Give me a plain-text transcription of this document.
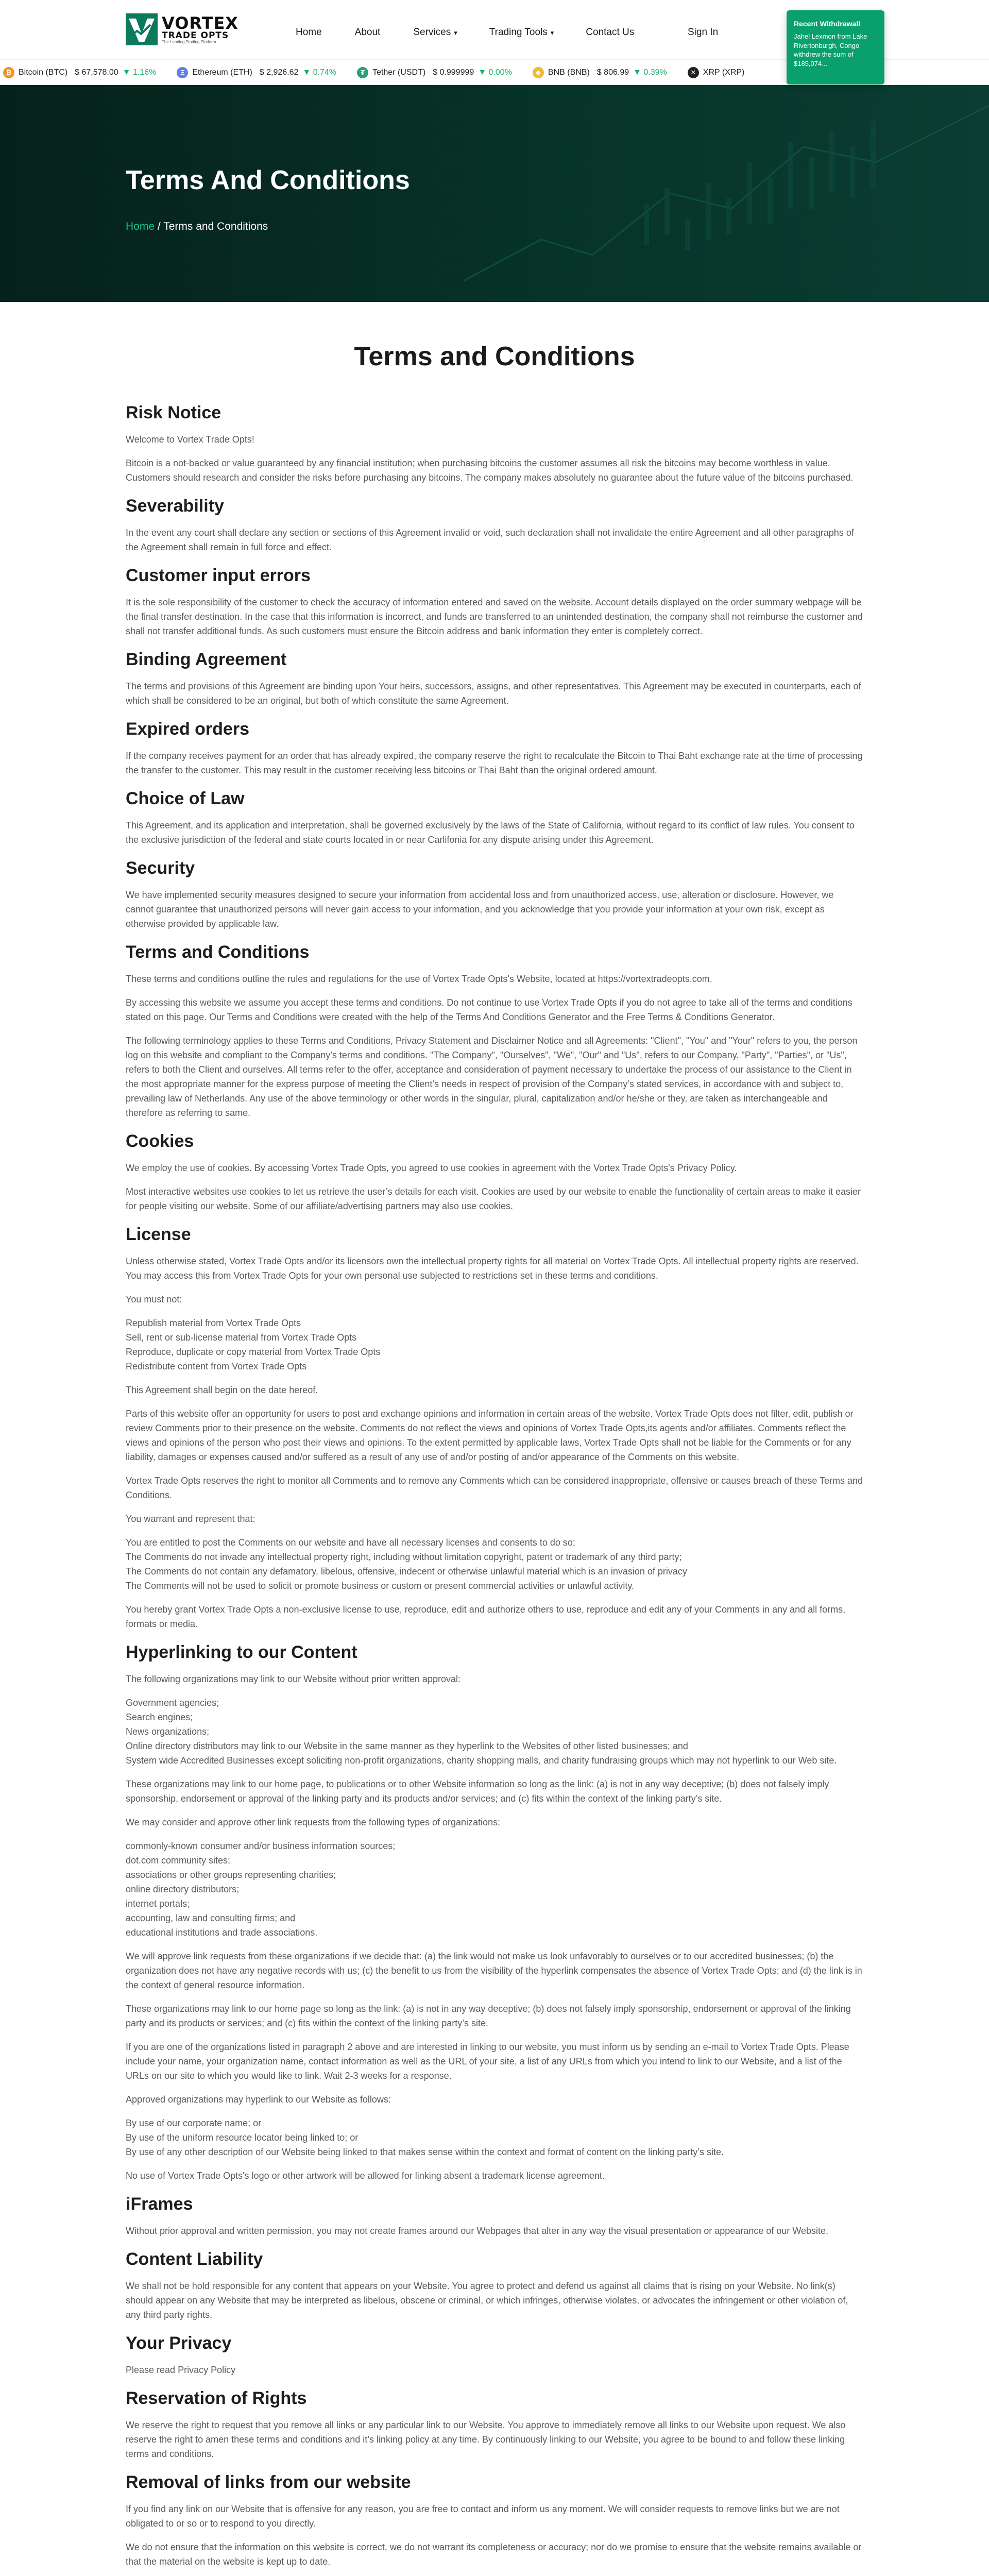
VORTEX
TRADE OPTS
The Leading Trading Platform
Home	About	Services ▾	Trading Tools ▾	Contact Us	Sign In
Recent Withdrawal!
Jahel Lexmon from Lake Rivertonburgh, Congo withdrew the sum of $185,074...
₿ Bitcoin (BTC) $ 67,578.00 ▼ 1.16%	Ξ Ethereum (ETH) $ 2,926.62 ▼ 0.74%	₮ Tether (USDT) $ 0.999999 ▼ 0.00%	◆ BNB (BNB) $ 806.99 ▼ 0.39%	✕ XRP (XRP)
Terms And Conditions
Home / Terms and Conditions
Terms and Conditions
Risk Notice

Welcome to Vortex Trade Opts!

Bitcoin is a not-backed or value guaranteed by any financial institution; when purchasing bitcoins the customer assumes all risk the bitcoins may become worthless in value. Customers should research and consider the risks before purchasing any bitcoins. The company makes absolutely no guarantee about the future value of the bitcoins purchased.

Severability

In the event any court shall declare any section or sections of this Agreement invalid or void, such declaration shall not invalidate the entire Agreement and all other paragraphs of the Agreement shall remain in full force and effect.

Customer input errors

It is the sole responsibility of the customer to check the accuracy of information entered and saved on the website. Account details displayed on the order summary webpage will be the final transfer destination. In the case that this information is incorrect, and funds are transferred to an unintended destination, the company shall not reimburse the customer and shall not transfer additional funds. As such customers must ensure the Bitcoin address and bank information they enter is completely correct.

Binding Agreement

The terms and provisions of this Agreement are binding upon Your heirs, successors, assigns, and other representatives. This Agreement may be executed in counterparts, each of which shall be considered to be an original, but both of which constitute the same Agreement.

Expired orders

If the company receives payment for an order that has already expired, the company reserve the right to recalculate the Bitcoin to Thai Baht exchange rate at the time of processing the transfer to the customer. This may result in the customer receiving less bitcoins or Thai Baht than the original ordered amount.

Choice of Law

This Agreement, and its application and interpretation, shall be governed exclusively by the laws of the State of California, without regard to its conflict of law rules. You consent to the exclusive jurisdiction of the federal and state courts located in or near Carlifonia for any dispute arising under this Agreement.

Security

We have implemented security measures designed to secure your information from accidental loss and from unauthorized access, use, alteration or disclosure. However, we cannot guarantee that unauthorized persons will never gain access to your information, and you acknowledge that you provide your information at your own risk, except as otherwise provided by applicable law.

Terms and Conditions

These terms and conditions outline the rules and regulations for the use of Vortex Trade Opts's Website, located at https://vortextradeopts.com.

By accessing this website we assume you accept these terms and conditions. Do not continue to use Vortex Trade Opts if you do not agree to take all of the terms and conditions stated on this page. Our Terms and Conditions were created with the help of the Terms And Conditions Generator and the Free Terms & Conditions Generator.

The following terminology applies to these Terms and Conditions, Privacy Statement and Disclaimer Notice and all Agreements: "Client", "You" and "Your" refers to you, the person log on this website and compliant to the Company’s terms and conditions. "The Company", "Ourselves", "We", "Our" and "Us", refers to our Company. "Party", "Parties", or "Us", refers to both the Client and ourselves. All terms refer to the offer, acceptance and consideration of payment necessary to undertake the process of our assistance to the Client in the most appropriate manner for the express purpose of meeting the Client’s needs in respect of provision of the Company’s stated services, in accordance with and subject to, prevailing law of Netherlands. Any use of the above terminology or other words in the singular, plural, capitalization and/or he/she or they, are taken as interchangeable and therefore as referring to same.

Cookies

We employ the use of cookies. By accessing Vortex Trade Opts, you agreed to use cookies in agreement with the Vortex Trade Opts's Privacy Policy.

Most interactive websites use cookies to let us retrieve the user’s details for each visit. Cookies are used by our website to enable the functionality of certain areas to make it easier for people visiting our website. Some of our affiliate/advertising partners may also use cookies.

License

Unless otherwise stated, Vortex Trade Opts and/or its licensors own the intellectual property rights for all material on Vortex Trade Opts. All intellectual property rights are reserved. You may access this from Vortex Trade Opts for your own personal use subjected to restrictions set in these terms and conditions.

You must not:

Republish material from Vortex Trade Opts
Sell, rent or sub-license material from Vortex Trade Opts
Reproduce, duplicate or copy material from Vortex Trade Opts
Redistribute content from Vortex Trade Opts

This Agreement shall begin on the date hereof.

Parts of this website offer an opportunity for users to post and exchange opinions and information in certain areas of the website. Vortex Trade Opts does not filter, edit, publish or review Comments prior to their presence on the website. Comments do not reflect the views and opinions of Vortex Trade Opts,its agents and/or affiliates. Comments reflect the views and opinions of the person who post their views and opinions. To the extent permitted by applicable laws, Vortex Trade Opts shall not be liable for the Comments or for any liability, damages or expenses caused and/or suffered as a result of any use of and/or posting of and/or appearance of the Comments on this website.

Vortex Trade Opts reserves the right to monitor all Comments and to remove any Comments which can be considered inappropriate, offensive or causes breach of these Terms and Conditions.

You warrant and represent that:

You are entitled to post the Comments on our website and have all necessary licenses and consents to do so;
The Comments do not invade any intellectual property right, including without limitation copyright, patent or trademark of any third party;
The Comments do not contain any defamatory, libelous, offensive, indecent or otherwise unlawful material which is an invasion of privacy
The Comments will not be used to solicit or promote business or custom or present commercial activities or unlawful activity.

You hereby grant Vortex Trade Opts a non-exclusive license to use, reproduce, edit and authorize others to use, reproduce and edit any of your Comments in any and all forms, formats or media.

Hyperlinking to our Content

The following organizations may link to our Website without prior written approval:

Government agencies;
Search engines;
News organizations;
Online directory distributors may link to our Website in the same manner as they hyperlink to the Websites of other listed businesses; and
System wide Accredited Businesses except soliciting non-profit organizations, charity shopping malls, and charity fundraising groups which may not hyperlink to our Web site.

These organizations may link to our home page, to publications or to other Website information so long as the link: (a) is not in any way deceptive; (b) does not falsely imply sponsorship, endorsement or approval of the linking party and its products and/or services; and (c) fits within the context of the linking party’s site.

We may consider and approve other link requests from the following types of organizations:

commonly-known consumer and/or business information sources;
dot.com community sites;
associations or other groups representing charities;
online directory distributors;
internet portals;
accounting, law and consulting firms; and
educational institutions and trade associations.

We will approve link requests from these organizations if we decide that: (a) the link would not make us look unfavorably to ourselves or to our accredited businesses; (b) the organization does not have any negative records with us; (c) the benefit to us from the visibility of the hyperlink compensates the absence of Vortex Trade Opts; and (d) the link is in the context of general resource information.

These organizations may link to our home page so long as the link: (a) is not in any way deceptive; (b) does not falsely imply sponsorship, endorsement or approval of the linking party and its products or services; and (c) fits within the context of the linking party’s site.

If you are one of the organizations listed in paragraph 2 above and are interested in linking to our website, you must inform us by sending an e-mail to Vortex Trade Opts. Please include your name, your organization name, contact information as well as the URL of your site, a list of any URLs from which you intend to link to our Website, and a list of the URLs on our site to which you would like to link. Wait 2-3 weeks for a response.

Approved organizations may hyperlink to our Website as follows:

By use of our corporate name; or
By use of the uniform resource locator being linked to; or
By use of any other description of our Website being linked to that makes sense within the context and format of content on the linking party’s site.

No use of Vortex Trade Opts's logo or other artwork will be allowed for linking absent a trademark license agreement.

iFrames

Without prior approval and written permission, you may not create frames around our Webpages that alter in any way the visual presentation or appearance of our Website.

Content Liability

We shall not be hold responsible for any content that appears on your Website. You agree to protect and defend us against all claims that is rising on your Website. No link(s) should appear on any Website that may be interpreted as libelous, obscene or criminal, or which infringes, otherwise violates, or advocates the infringement or other violation of, any third party rights.

Your Privacy

Please read Privacy Policy

Reservation of Rights

We reserve the right to request that you remove all links or any particular link to our Website. You approve to immediately remove all links to our Website upon request. We also reserve the right to amen these terms and conditions and it’s linking policy at any time. By continuously linking to our Website, you agree to be bound to and follow these linking terms and conditions.

Removal of links from our website

If you find any link on our Website that is offensive for any reason, you are free to contact and inform us any moment. We will consider requests to remove links but we are not obligated to or so or to respond to you directly.

We do not ensure that the information on this website is correct, we do not warrant its completeness or accuracy; nor do we promise to ensure that the website remains available or that the material on the website is kept up to date.
